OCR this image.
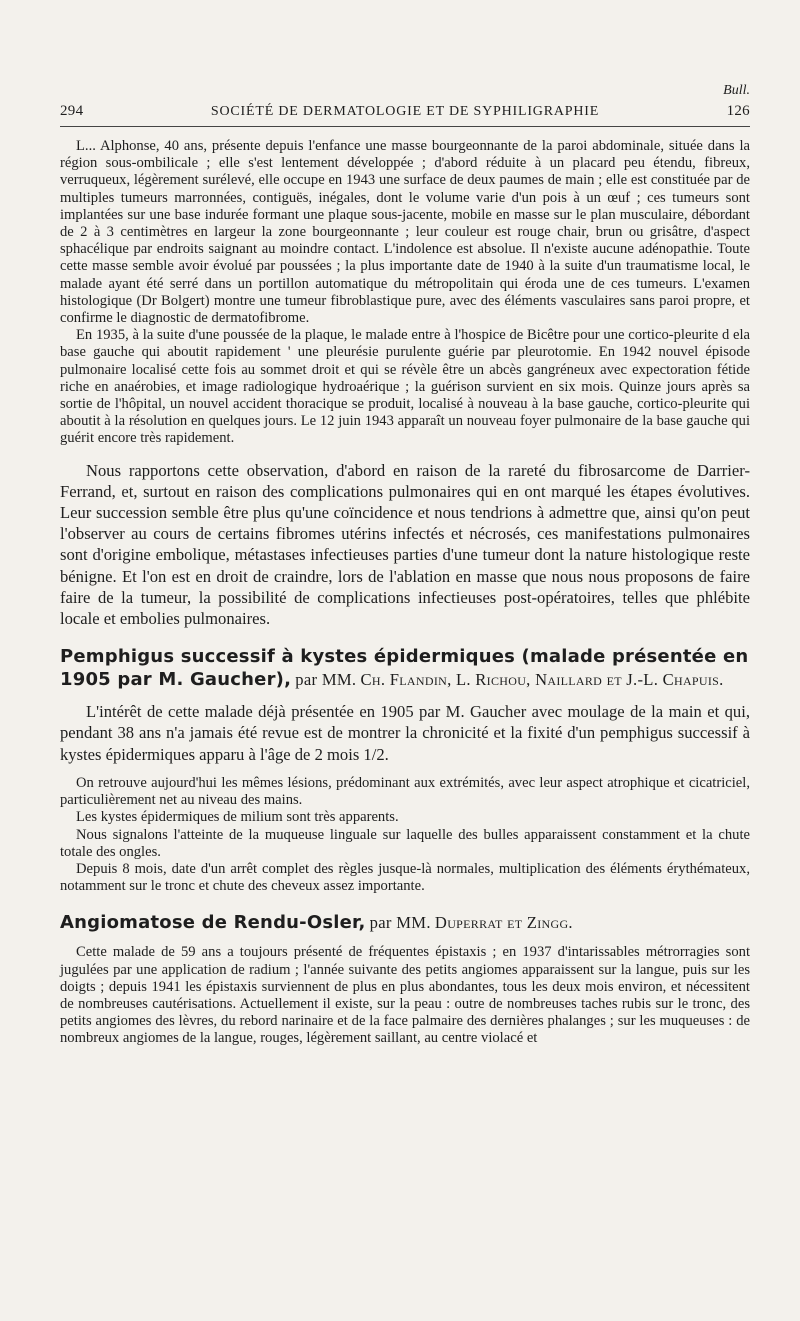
Bull.
294	SOCIÉTÉ DE DERMATOLOGIE ET DE SYPHILIGRAPHIE	126

L... Alphonse, 40 ans, présente depuis l'enfance une masse bourgeonnante de la paroi abdominale, située dans la région sous-ombilicale ; elle s'est lentement développée ; d'abord réduite à un placard peu étendu, fibreux, verruqueux, légèrement surélevé, elle occupe en 1943 une surface de deux paumes de main ; elle est constituée par de multiples tumeurs marronnées, contiguës, inégales, dont le volume varie d'un pois à un œuf ; ces tumeurs sont implantées sur une base indurée formant une plaque sous-jacente, mobile en masse sur le plan musculaire, débordant de 2 à 3 centimètres en largeur la zone bourgeonnante ; leur couleur est rouge chair, brun ou grisâtre, d'aspect sphacélique par endroits saignant au moindre contact. L'indolence est absolue. Il n'existe aucune adénopathie. Toute cette masse semble avoir évolué par poussées ; la plus importante date de 1940 à la suite d'un traumatisme local, le malade ayant été serré dans un portillon automatique du métropolitain qui éroda une de ces tumeurs. L'examen histologique (Dr Bolgert) montre une tumeur fibroblastique pure, avec des éléments vasculaires sans paroi propre, et confirme le diagnostic de dermatofibrome.

En 1935, à la suite d'une poussée de la plaque, le malade entre à l'hospice de Bicêtre pour une cortico-pleurite d ela base gauche qui aboutit rapidement ' une pleurésie purulente guérie par pleurotomie. En 1942 nouvel épisode pulmonaire localisé cette fois au sommet droit et qui se révèle être un abcès gangréneux avec expectoration fétide riche en anaérobies, et image radiologique hydroaérique ; la guérison survient en six mois. Quinze jours après sa sortie de l'hôpital, un nouvel accident thoracique se produit, localisé à nouveau à la base gauche, cortico-pleurite qui aboutit à la résolution en quelques jours. Le 12 juin 1943 apparaît un nouveau foyer pulmonaire de la base gauche qui guérit encore très rapidement.

Nous rapportons cette observation, d'abord en raison de la rareté du fibrosarcome de Darrier-Ferrand, et, surtout en raison des complications pulmonaires qui en ont marqué les étapes évolutives. Leur succession semble être plus qu'une coïncidence et nous tendrions à admettre que, ainsi qu'on peut l'observer au cours de certains fibromes utérins infectés et nécrosés, ces manifestations pulmonaires sont d'origine embolique, métastases infectieuses parties d'une tumeur dont la nature histologique reste bénigne. Et l'on est en droit de craindre, lors de l'ablation en masse que nous nous proposons de faire faire de la tumeur, la possibilité de complications infectieuses post-opératoires, telles que phlébite locale et embolies pulmonaires.

Pemphigus successif à kystes épidermiques (malade présentée en 1905 par M. Gaucher), par MM. Ch. Flandin, L. Richou, Naillard et J.-L. Chapuis.

L'intérêt de cette malade déjà présentée en 1905 par M. Gaucher avec moulage de la main et qui, pendant 38 ans n'a jamais été revue est de montrer la chronicité et la fixité d'un pemphigus successif à kystes épidermiques apparu à l'âge de 2 mois 1/2.

On retrouve aujourd'hui les mêmes lésions, prédominant aux extrémités, avec leur aspect atrophique et cicatriciel, particulièrement net au niveau des mains.

Les kystes épidermiques de milium sont très apparents.

Nous signalons l'atteinte de la muqueuse linguale sur laquelle des bulles apparaissent constamment et la chute totale des ongles.

Depuis 8 mois, date d'un arrêt complet des règles jusque-là normales, multiplication des éléments érythémateux, notamment sur le tronc et chute des cheveux assez importante.

Angiomatose de Rendu-Osler, par MM. Duperrat et Zingg.

Cette malade de 59 ans a toujours présenté de fréquentes épistaxis ; en 1937 d'intarissables métrorragies sont jugulées par une application de radium ; l'année suivante des petits angiomes apparaissent sur la langue, puis sur les doigts ; depuis 1941 les épistaxis surviennent de plus en plus abondantes, tous les deux mois environ, et nécessitent de nombreuses cautérisations. Actuellement il existe, sur la peau : outre de nombreuses taches rubis sur le tronc, des petits angiomes des lèvres, du rebord narinaire et de la face palmaire des dernières phalanges ; sur les muqueuses : de nombreux angiomes de la langue, rouges, légèrement saillant, au centre violacé et
